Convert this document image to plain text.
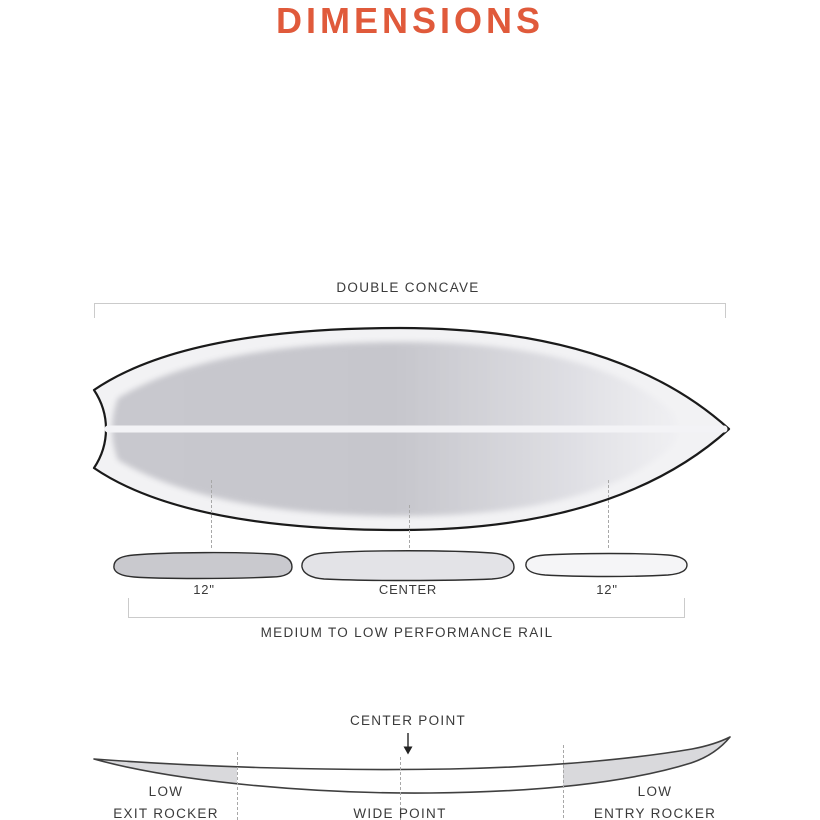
DIMENSIONS
DOUBLE CONCAVE
12"	CENTER	12"
MEDIUM TO LOW PERFORMANCE RAIL
CENTER POINT
WIDE POINT
LOW
EXIT ROCKER
LOW
ENTRY ROCKER
